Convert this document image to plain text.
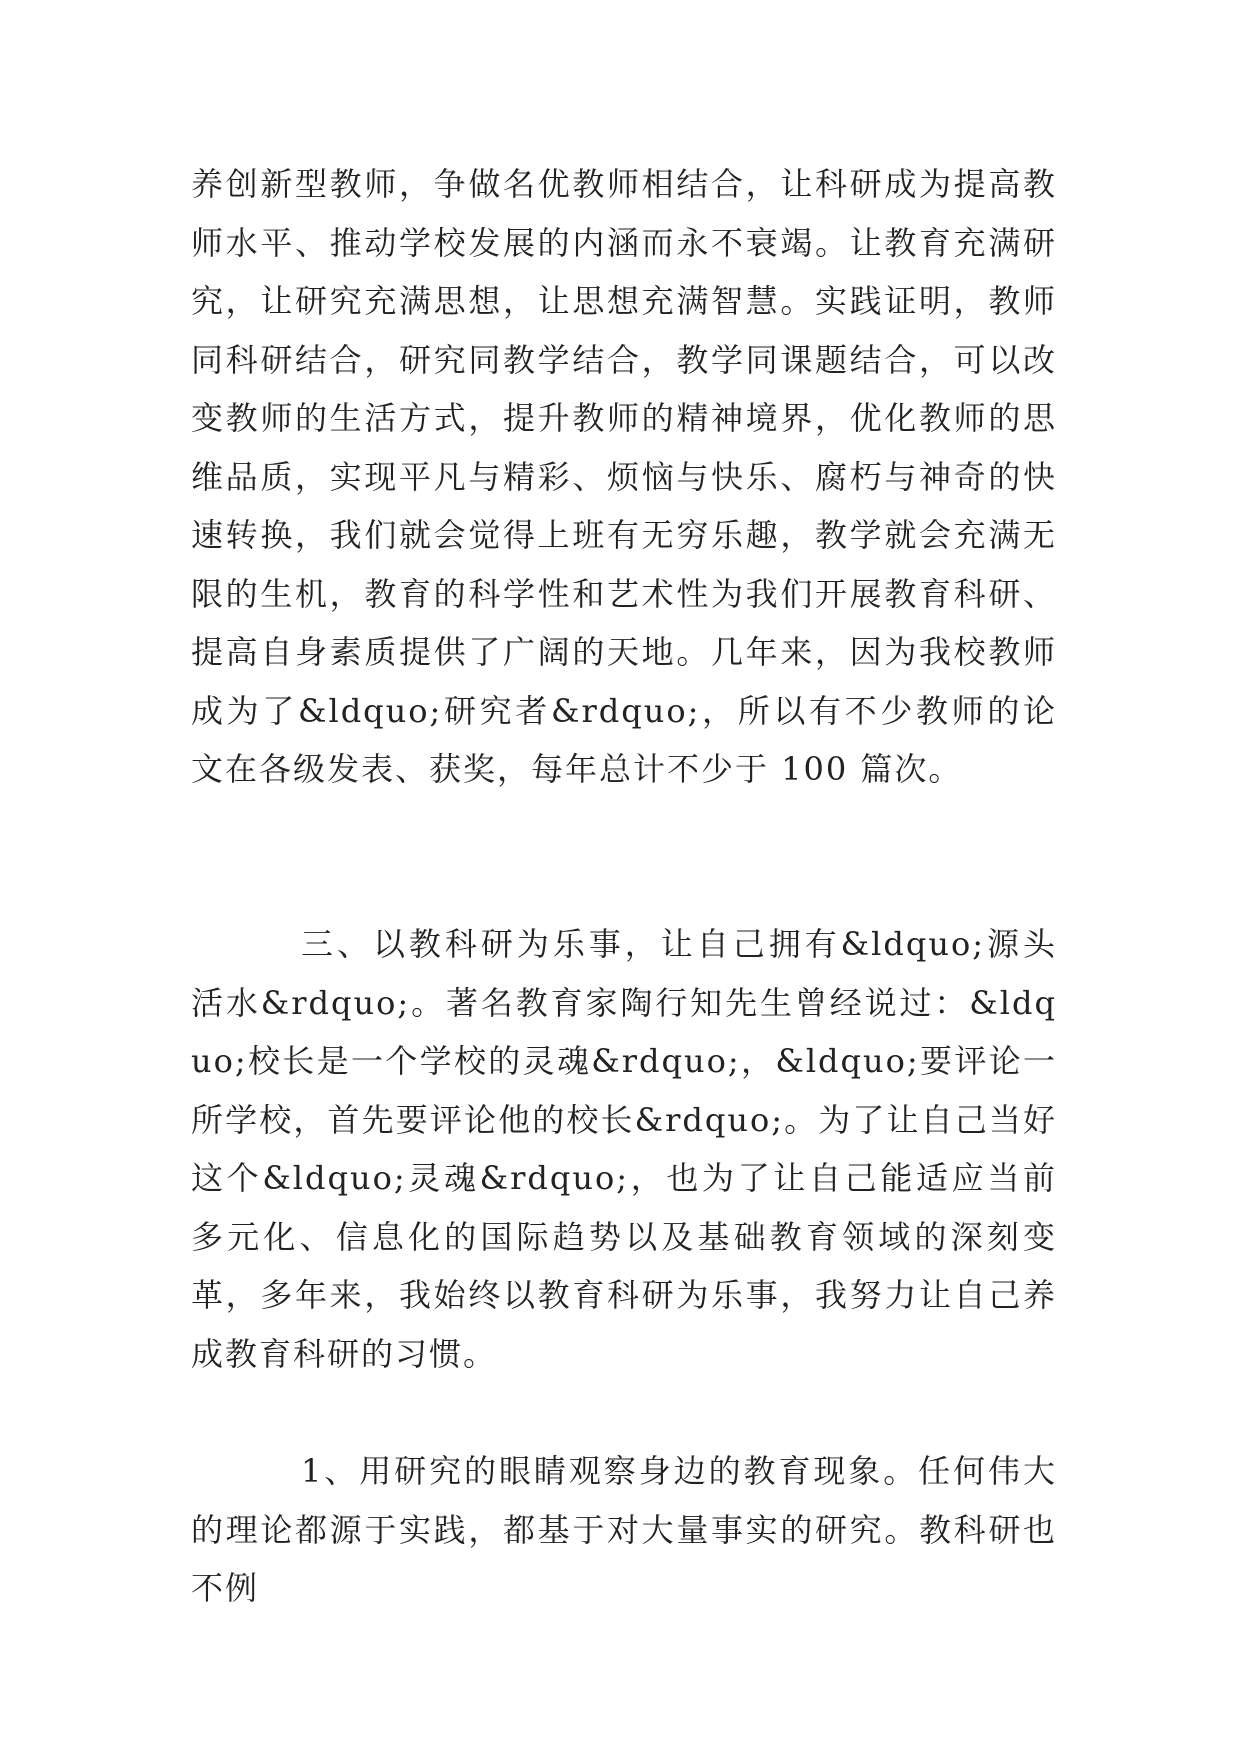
养创新型教师，争做名优教师相结合，让科研成为提高教师水平、推动学校发展的内涵而永不衰竭。让教育充满研究，让研究充满思想，让思想充满智慧。实践证明，教师同科研结合，研究同教学结合，教学同课题结合，可以改变教师的生活方式，提升教师的精神境界，优化教师的思维品质，实现平凡与精彩、烦恼与快乐、腐朽与神奇的快速转换，我们就会觉得上班有无穷乐趣，教学就会充满无限的生机，教育的科学性和艺术性为我们开展教育科研、提高自身素质提供了广阔的天地。几年来，因为我校教师成为了&ldquo;研究者&rdquo;，所以有不少教师的论文在各级发表、获奖，每年总计不少于 100 篇次。

三、以教科研为乐事，让自己拥有&ldquo;源头活水&rdquo;。著名教育家陶行知先生曾经说过：&ldquo;校长是一个学校的灵魂&rdquo;，&ldquo;要评论一所学校，首先要评论他的校长&rdquo;。为了让自己当好这个&ldquo;灵魂&rdquo;，也为了让自己能适应当前多元化、信息化的国际趋势以及基础教育领域的深刻变革，多年来，我始终以教育科研为乐事，我努力让自己养成教育科研的习惯。

1、用研究的眼睛观察身边的教育现象。任何伟大的理论都源于实践，都基于对大量事实的研究。教科研也不例
